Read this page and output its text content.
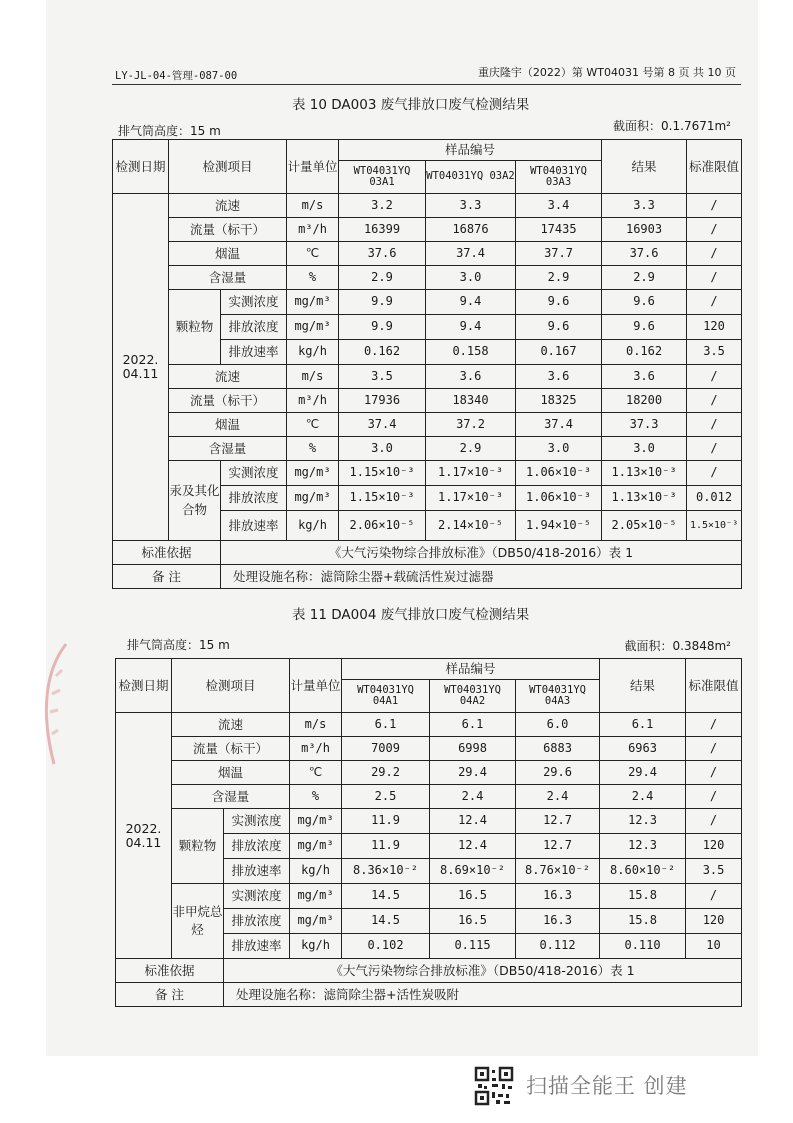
LY-JL-04-管理-087-00	重庆隆宇（2022）第 WT04031 号第 8 页 共 10 页
表 10 DA003 废气排放口废气检测结果
排气筒高度：15 m	截面积：0.1.7671m²
检测日期	检测项目		计量单位	样品编号			结果	标准限值
				WT04031YQ 03A1	WT04031YQ 03A2	WT04031YQ 03A3		
2022. 04.11	流速		m/s	3.2	3.3	3.4	3.3	/
	流量（标干）		m³/h	16399	16876	17435	16903	/
	烟温		℃	37.6	37.4	37.7	37.6	/
	含湿量		%	2.9	3.0	2.9	2.9	/
	颗粒物	实测浓度	mg/m³	9.9	9.4	9.6	9.6	/
		排放浓度	mg/m³	9.9	9.4	9.6	9.6	120
		排放速率	kg/h	0.162	0.158	0.167	0.162	3.5
	流速		m/s	3.5	3.6	3.6	3.6	/
	流量（标干）		m³/h	17936	18340	18325	18200	/
	烟温		℃	37.4	37.2	37.4	37.3	/
	含湿量		%	3.0	2.9	3.0	3.0	/
	汞及其化合物	实测浓度	mg/m³	1.15×10⁻³	1.17×10⁻³	1.06×10⁻³	1.13×10⁻³	/
		排放浓度	mg/m³	1.15×10⁻³	1.17×10⁻³	1.06×10⁻³	1.13×10⁻³	0.012
		排放速率	kg/h	2.06×10⁻⁵	2.14×10⁻⁵	1.94×10⁻⁵	2.05×10⁻⁵	1.5×10⁻³
标准依据		《大气污染物综合排放标准》（DB50/418-2016）表 1						
备 注		处理设施名称：滤筒除尘器+载硫活性炭过滤器						
表 11 DA004 废气排放口废气检测结果
排气筒高度：15 m	截面积：0.3848m²
检测日期	检测项目		计量单位	样品编号			结果	标准限值
				WT04031YQ 04A1	WT04031YQ 04A2	WT04031YQ 04A3		
2022. 04.11	流速		m/s	6.1	6.1	6.0	6.1	/
	流量（标干）		m³/h	7009	6998	6883	6963	/
	烟温		℃	29.2	29.4	29.6	29.4	/
	含湿量		%	2.5	2.4	2.4	2.4	/
	颗粒物	实测浓度	mg/m³	11.9	12.4	12.7	12.3	/
		排放浓度	mg/m³	11.9	12.4	12.7	12.3	120
		排放速率	kg/h	8.36×10⁻²	8.69×10⁻²	8.76×10⁻²	8.60×10⁻²	3.5
	非甲烷总烃	实测浓度	mg/m³	14.5	16.5	16.3	15.8	/
		排放浓度	mg/m³	14.5	16.5	16.3	15.8	120
		排放速率	kg/h	0.102	0.115	0.112	0.110	10
标准依据		《大气污染物综合排放标准》（DB50/418-2016）表 1						
备 注		处理设施名称：滤筒除尘器+活性炭吸附						
扫描全能王 创建
